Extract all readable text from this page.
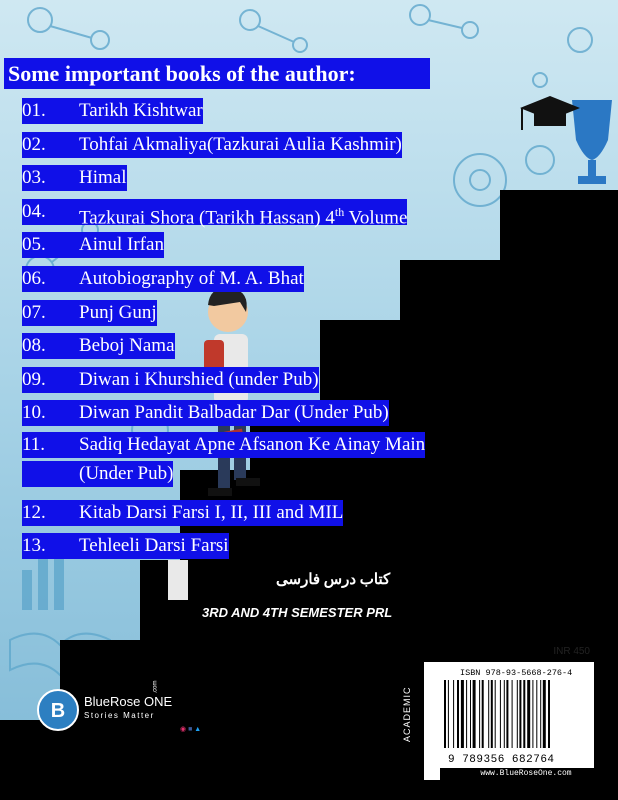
Some important books of the author:
01.	Tarikh Kishtwar
02.	Tohfai Akmaliya(Tazkurai Aulia Kashmir)
03.	Himal
04.	Tazkurai Shora (Tarikh Hassan) 4th Volume
05.	Ainul Irfan
06.	Autobiography of M. A. Bhat
07.	Punj Gunj
08.	Beboj Nama
09.	Diwan i Khurshied (under Pub)
10.	Diwan Pandit Balbadar Dar (Under Pub)
11.	Sadiq Hedayat Apne Afsanon Ke Ainay Main
(Under Pub)
12.	Kitab Darsi Farsi I, II, III and MIL
13.	Tehleeli Darsi Farsi
کتاب درس فارسی
3RD AND 4TH SEMESTER PRL
B BlueRose ONE
Stories Matter
.com
◉ ■ ▲
INR 450
ISBN 978-93-5668-276-4
9 789356 682764
www.BlueRoseOne.com
ACADEMIC
